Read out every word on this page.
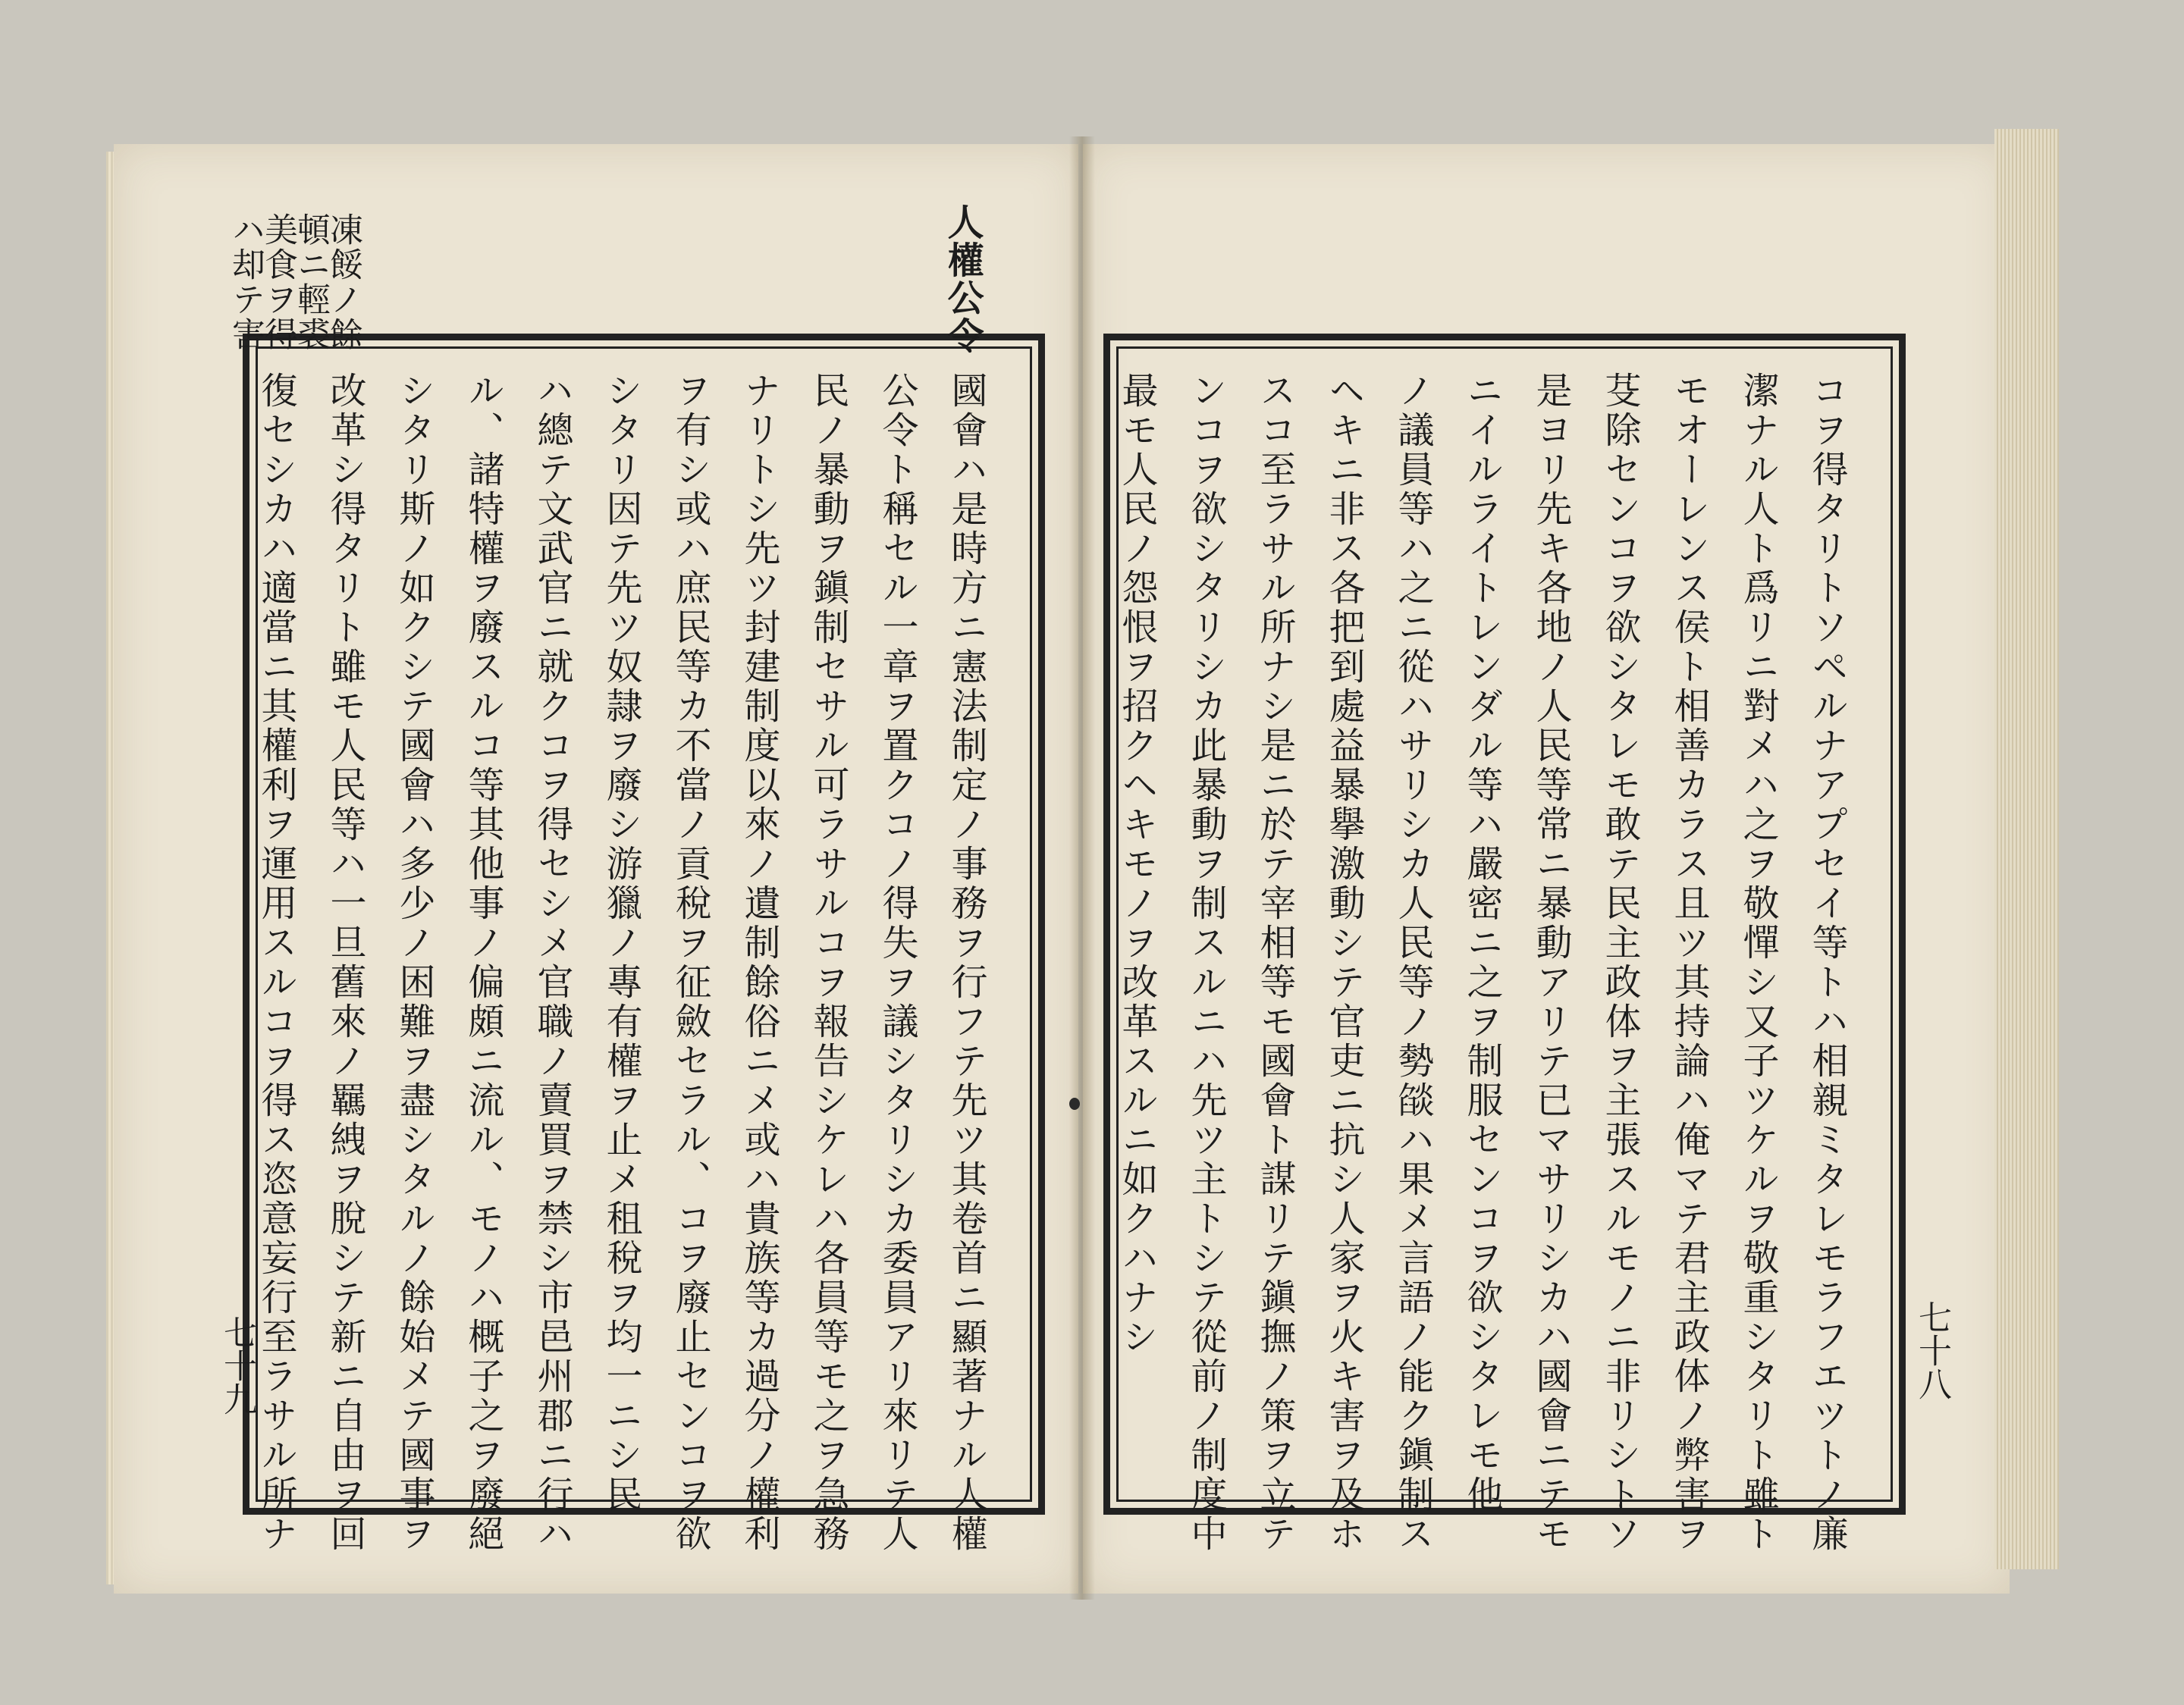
人權公令
凍餒ノ餘
頓ニ輕裘
美食ヲ得
ハ却テ害
國會ハ是時方ニ憲法制定ノ事務ヲ行フテ先ツ其卷首ニ顯著ナル人權
公令ト稱セル一章ヲ置クコノ得失ヲ議シタリシカ委員アリ來リテ人
民ノ暴動ヲ鎭制セサル可ラサルコヲ報告シケレハ各員等モ之ヲ急務
ナリトシ先ツ封建制度以來ノ遺制餘俗ニメ或ハ貴族等カ過分ノ權利
ヲ有シ或ハ庶民等カ不當ノ貢稅ヲ征斂セラル、コヲ廢止センコヲ欲
シタリ因テ先ツ奴隷ヲ廢シ游獵ノ專有權ヲ止メ租稅ヲ均一ニシ民
ハ總テ文武官ニ就クコヲ得セシメ官職ノ賣買ヲ禁シ市邑州郡ニ行ハ
ル、諸特權ヲ廢スルコ等其他事ノ偏頗ニ流ル、モノハ概子之ヲ廢絕
シタリ斯ノ如クシテ國會ハ多少ノ困難ヲ盡シタルノ餘始メテ國事ヲ
改革シ得タリト雖モ人民等ハ一旦舊來ノ羈絏ヲ脫シテ新ニ自由ヲ回
復セシカハ適當ニ其權利ヲ運用スルコヲ得ス恣意妄行至ラサル所ナ
七十九	コヲ得タリトソペルナアプセイ等トハ相親ミタレモラフエツトノ廉
潔ナル人ト爲リニ對メハ之ヲ敬憚シ又子ツケルヲ敬重シタリト雖ト
モオーレンス侯ト相善カラス且ツ其持論ハ俺マテ君主政体ノ弊害ヲ
芟除センコヲ欲シタレモ敢テ民主政体ヲ主張スルモノニ非リシトソ
是ヨリ先キ各地ノ人民等常ニ暴動アリテ已マサリシカハ國會ニテモ
ニイルライトレンダル等ハ嚴密ニ之ヲ制服センコヲ欲シタレモ他
ノ議員等ハ之ニ從ハサリシカ人民等ノ勢燄ハ果メ言語ノ能ク鎭制ス
ヘキニ非ス各把到處益暴擧激動シテ官吏ニ抗シ人家ヲ火キ害ヲ及ホ
スコ至ラサル所ナシ是ニ於テ宰相等モ國會ト謀リテ鎭撫ノ策ヲ立テ
ンコヲ欲シタリシカ此暴動ヲ制スルニハ先ツ主トシテ從前ノ制度中
最モ人民ノ怨恨ヲ招クヘキモノヲ改革スルニ如クハナシ	七十八
